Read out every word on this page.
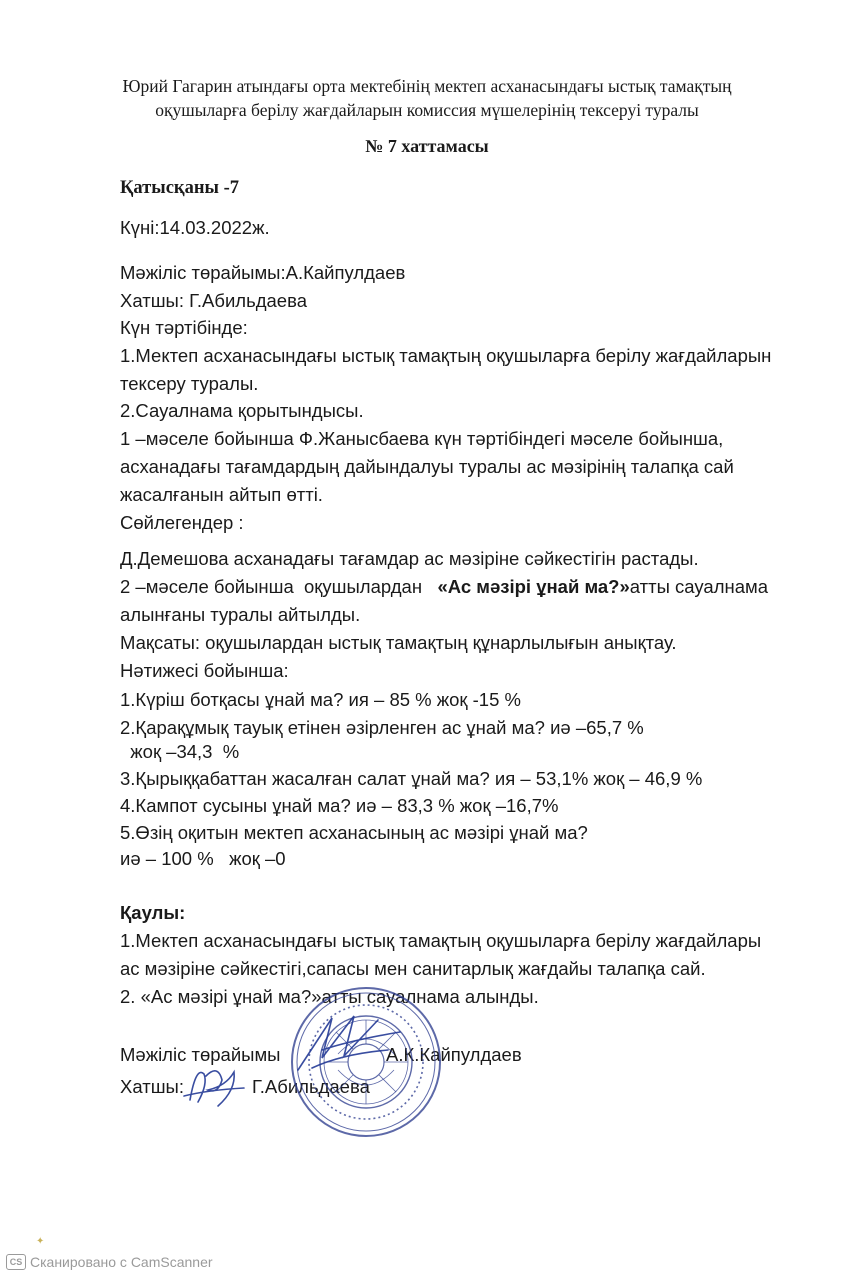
Юрий Гагарин атындағы орта мектебінің мектеп асханасындағы ыстық тамақтың
оқушыларға берілу жағдайларын комиссия мүшелерінің тексеруі туралы
№ 7 хаттамасы
Қатысқаны -7
Күні:14.03.2022ж.
Мәжіліс төрайымы:А.Кайпулдаев
Хатшы: Г.Абильдаева
Күн тәртібінде:
1.Мектеп асханасындағы ыстық тамақтың оқушыларға берілу жағдайларын
тексеру туралы.
2.Сауалнама қорытындысы.
1 –мәселе бойынша Ф.Жаныcбаева күн тәртібіндегі мәселе бойынша,
асханадағы тағамдардың дайындалуы туралы ас мәзірінің талапқа сай
жасалғанын айтып өтті.
Сөйлегендер :
Д.Демешова асханадағы тағамдар ас мәзіріне сәйкестігін растады.
2 –мәселе бойынша  оқушылардан   «Ас мәзірі ұнай ма?»атты сауалнама
алынғаны туралы айтылды.
Мақсаты: оқушылардан ыстық тамақтың құнарлылығын анықтау.
Нәтижесі бойынша:
1.Күріш ботқасы ұнай ма? ия – 85 % жоқ -15 %
2.Қарақұмық тауық етінен әзірленген ас ұнай ма? иә –65,7 %
жоқ –34,3  %
3.Қырыққабаттан жасалған салат ұнай ма? ия – 53,1% жоқ – 46,9 %
4.Кампот сусыны ұнай ма? иә – 83,3 % жоқ –16,7%
5.Өзің оқитын мектеп асханасының ас мәзірі ұнай ма?
иә – 100 %   жоқ –0
Қаулы:
1.Мектеп асханасындағы ыстық тамақтың оқушыларға берілу жағдайлары
ас мәзіріне сәйкестігі,сапасы мен санитарлық жағдайы талапқа сай.
2. «Ас мәзірі ұнай ма?»атты сауалнама алынды.
Мәжіліс төрайымы	А.К.Кайпулдаев
Хатшы:	Г.Абильдаева
✦
CS Сканировано с CamScanner
